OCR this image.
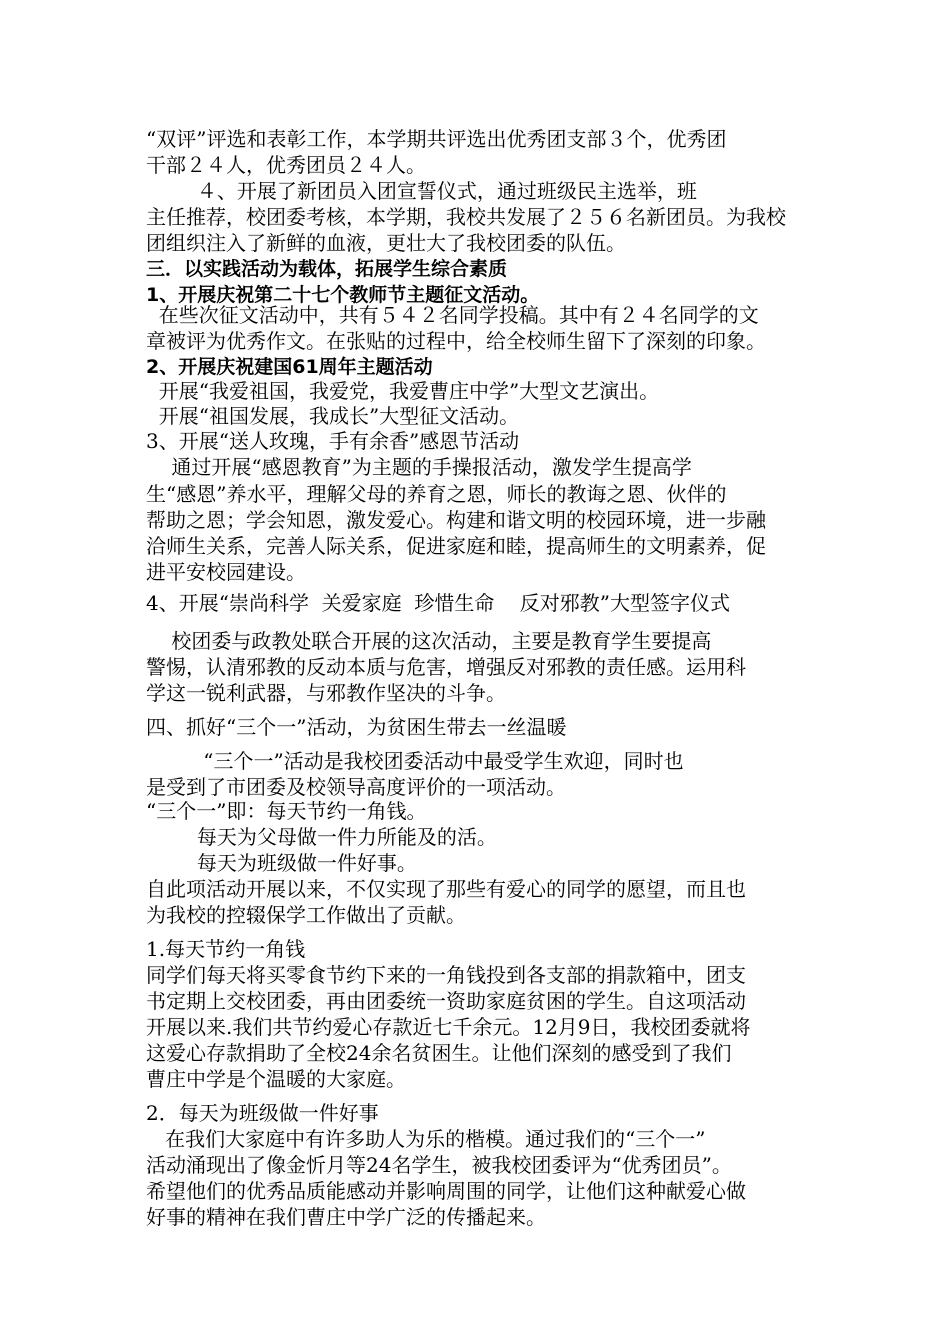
“双评”评选和表彰工作，本学期共评选出优秀团支部３个，优秀团
干部２４人，优秀团员２４人。
４、开展了新团员入团宣誓仪式，通过班级民主选举，班
主任推荐，校团委考核，本学期，我校共发展了２５６名新团员。为我校
团组织注入了新鲜的血液，更壮大了我校团委的队伍。
三．以实践活动为载体，拓展学生综合素质
1、开展庆祝第二十七个教师节主题征文活动。
在些次征文活动中，共有５４２名同学投稿。其中有２４名同学的文
章被评为优秀作文。在张贴的过程中，给全校师生留下了深刻的印象。
2、开展庆祝建国61周年主题活动
开展“我爱祖国，我爱党，我爱曹庄中学”大型文艺演出。
开展“祖国发展，我成长”大型征文活动。
3、开展“送人玫瑰，手有余香”感恩节活动
通过开展“感恩教育”为主题的手操报活动，激发学生提高学
生“感恩”养水平，理解父母的养育之恩，师长的教诲之恩、伙伴的
帮助之恩；学会知恩，激发爱心。构建和谐文明的校园环境，进一步融
洽师生关系，完善人际关系，促进家庭和睦，提高师生的文明素养，促
进平安校园建设。
4、开展“崇尚科学  关爱家庭  珍惜生命    反对邪教”大型签字仪式
校团委与政教处联合开展的这次活动，主要是教育学生要提高
警惕，认清邪教的反动本质与危害，增强反对邪教的责任感。运用科
学这一锐利武器，与邪教作坚决的斗争。
四、抓好“三个一”活动，为贫困生带去一丝温暖
“三个一”活动是我校团委活动中最受学生欢迎，同时也
是受到了市团委及校领导高度评价的一项活动。
“三个一”即：每天节约一角钱。
每天为父母做一件力所能及的活。
每天为班级做一件好事。
自此项活动开展以来，不仅实现了那些有爱心的同学的愿望，而且也
为我校的控辍保学工作做出了贡献。
1.每天节约一角钱
同学们每天将买零食节约下来的一角钱投到各支部的捐款箱中，团支
书定期上交校团委，再由团委统一资助家庭贫困的学生。自这项活动
开展以来.我们共节约爱心存款近七千余元。12月9日，我校团委就将
这爱心存款捐助了全校24余名贫困生。让他们深刻的感受到了我们
曹庄中学是个温暖的大家庭。
2．每天为班级做一件好事
在我们大家庭中有许多助人为乐的楷模。通过我们的“三个一”
活动涌现出了像金忻月等24名学生，被我校团委评为“优秀团员”。
希望他们的优秀品质能感动并影响周围的同学，让他们这种献爱心做
好事的精神在我们曹庄中学广泛的传播起来。
